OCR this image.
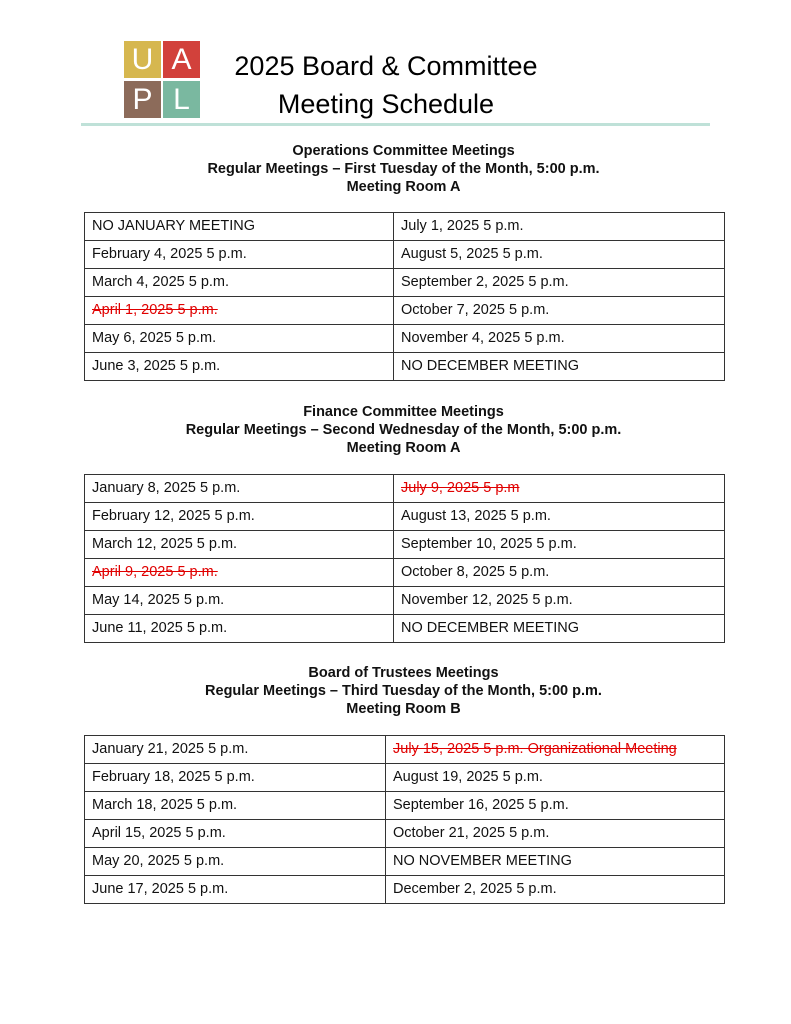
U A
P L
2025 Board & Committee
Meeting Schedule
Operations Committee Meetings
Regular Meetings – First Tuesday of the Month, 5:00 p.m.
Meeting Room A
NO JANUARY MEETING	July 1, 2025 5 p.m.
February 4, 2025 5 p.m.	August 5, 2025 5 p.m.
March 4, 2025 5 p.m.	September 2, 2025 5 p.m.
April 1, 2025 5 p.m.	October 7, 2025 5 p.m.
May 6, 2025 5 p.m.	November 4, 2025 5 p.m.
June 3, 2025 5 p.m.	NO DECEMBER MEETING
Finance Committee Meetings
Regular Meetings – Second Wednesday of the Month, 5:00 p.m.
Meeting Room A
January 8, 2025 5 p.m.	July 9, 2025 5 p.m
February 12, 2025 5 p.m.	August 13, 2025 5 p.m.
March 12, 2025 5 p.m.	September 10, 2025 5 p.m.
April 9, 2025 5 p.m.	October 8, 2025 5 p.m.
May 14, 2025 5 p.m.	November 12, 2025 5 p.m.
June 11, 2025 5 p.m.	NO DECEMBER MEETING
Board of Trustees Meetings
Regular Meetings – Third Tuesday of the Month, 5:00 p.m.
Meeting Room B
January 21, 2025 5 p.m.	July 15, 2025 5 p.m. Organizational Meeting
February 18, 2025 5 p.m.	August 19, 2025 5 p.m.
March 18, 2025 5 p.m.	September 16, 2025 5 p.m.
April 15, 2025 5 p.m.	October 21, 2025 5 p.m.
May 20, 2025 5 p.m.	NO NOVEMBER MEETING
June 17, 2025 5 p.m.	December 2, 2025 5 p.m.
